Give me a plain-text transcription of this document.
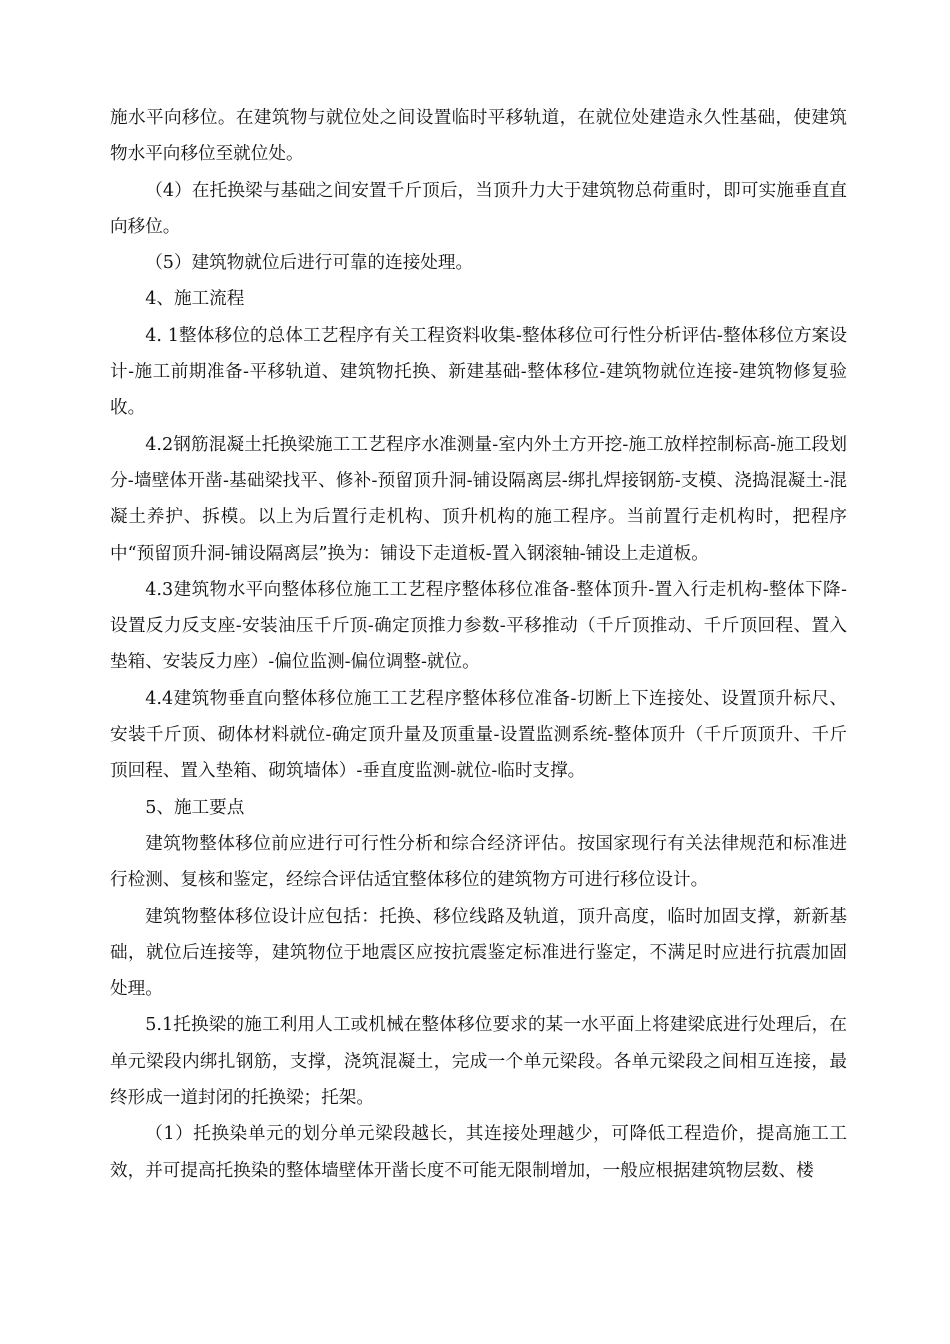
施水平向移位。在建筑物与就位处之间设置临时平移轨道，在就位处建造永久性基础，使建筑物水平向移位至就位处。

（4）在托换梁与基础之间安置千斤顶后，当顶升力大于建筑物总荷重时，即可实施垂直直向移位。

（5）建筑物就位后进行可靠的连接处理。

4、施工流程

4. 1整体移位的总体工艺程序有关工程资料收集-整体移位可行性分析评估-整体移位方案设计-施工前期准备-平移轨道、建筑物托换、新建基础-整体移位-建筑物就位连接-建筑物修复验收。

4.2钢筋混凝土托换梁施工工艺程序水准测量-室内外土方开挖-施工放样控制标高-施工段划分-墙壁体开凿-基础梁找平、修补-预留顶升洞-铺设隔离层-绑扎焊接钢筋-支模、浇捣混凝土-混凝土养护、拆模。以上为后置行走机构、顶升机构的施工程序。当前置行走机构时，把程序中“预留顶升洞-铺设隔离层”换为：铺设下走道板-置入钢滚轴-铺设上走道板。

4.3建筑物水平向整体移位施工工艺程序整体移位准备-整体顶升-置入行走机构-整体下降-设置反力反支座-安装油压千斤顶-确定顶推力参数-平移推动（千斤顶推动、千斤顶回程、置入垫箱、安装反力座）-偏位监测-偏位调整-就位。

4.4建筑物垂直向整体移位施工工艺程序整体移位准备-切断上下连接处、设置顶升标尺、安装千斤顶、砌体材料就位-确定顶升量及顶重量-设置监测系统-整体顶升（千斤顶顶升、千斤顶回程、置入垫箱、砌筑墙体）-垂直度监测-就位-临时支撑。

5、施工要点

建筑物整体移位前应进行可行性分析和综合经济评估。按国家现行有关法律规范和标准进行检测、复核和鉴定，经综合评估适宜整体移位的建筑物方可进行移位设计。

建筑物整体移位设计应包括：托换、移位线路及轨道，顶升高度，临时加固支撑，新新基础，就位后连接等，建筑物位于地震区应按抗震鉴定标准进行鉴定，不满足时应进行抗震加固处理。

5.1托换梁的施工利用人工或机械在整体移位要求的某一水平面上将建梁底进行处理后，在单元梁段内绑扎钢筋，支撑，浇筑混凝土，完成一个单元梁段。各单元梁段之间相互连接，最终形成一道封闭的托换梁；托架。

（1）托换染单元的划分单元梁段越长，其连接处理越少，可降低工程造价，提高施工工效，并可提高托换染的整体墙壁体开凿长度不可能无限制增加，一般应根据建筑物层数、楼
